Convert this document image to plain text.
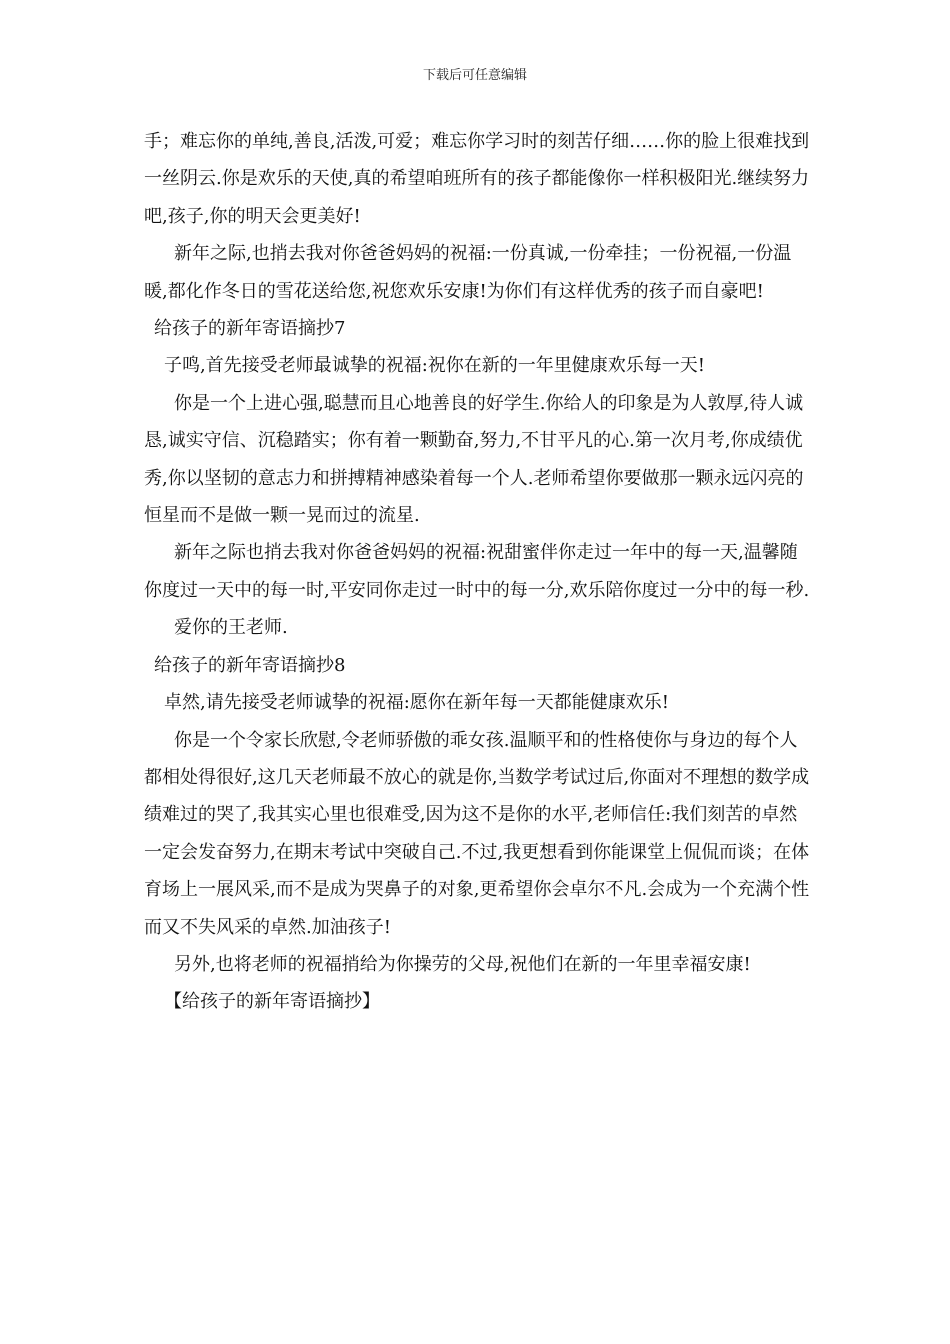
下载后可任意编辑

手；难忘你的单纯,善良,活泼,可爱；难忘你学习时的刻苦仔细……你的脸上很难找到一丝阴云.你是欢乐的天使,真的希望咱班所有的孩子都能像你一样积极阳光.继续努力吧,孩子,你的明天会更美好!

新年之际,也捎去我对你爸爸妈妈的祝福:一份真诚,一份牵挂；一份祝福,一份温暖,都化作冬日的雪花送给您,祝您欢乐安康!为你们有这样优秀的孩子而自豪吧!

给孩子的新年寄语摘抄7

子鸣,首先接受老师最诚挚的祝福:祝你在新的一年里健康欢乐每一天!

你是一个上进心强,聪慧而且心地善良的好学生.你给人的印象是为人敦厚,待人诚恳,诚实守信、沉稳踏实；你有着一颗勤奋,努力,不甘平凡的心.第一次月考,你成绩优秀,你以坚韧的意志力和拼搏精神感染着每一个人.老师希望你要做那一颗永远闪亮的恒星而不是做一颗一晃而过的流星.

新年之际也捎去我对你爸爸妈妈的祝福:祝甜蜜伴你走过一年中的每一天,温馨随你度过一天中的每一时,平安同你走过一时中的每一分,欢乐陪你度过一分中的每一秒.

爱你的王老师.

给孩子的新年寄语摘抄8

卓然,请先接受老师诚挚的祝福:愿你在新年每一天都能健康欢乐!

你是一个令家长欣慰,令老师骄傲的乖女孩.温顺平和的性格使你与身边的每个人都相处得很好,这几天老师最不放心的就是你,当数学考试过后,你面对不理想的数学成绩难过的哭了,我其实心里也很难受,因为这不是你的水平,老师信任:我们刻苦的卓然一定会发奋努力,在期末考试中突破自己.不过,我更想看到你能课堂上侃侃而谈；在体育场上一展风采,而不是成为哭鼻子的对象,更希望你会卓尔不凡.会成为一个充满个性而又不失风采的卓然.加油孩子!

另外,也将老师的祝福捎给为你操劳的父母,祝他们在新的一年里幸福安康!

【给孩子的新年寄语摘抄】
